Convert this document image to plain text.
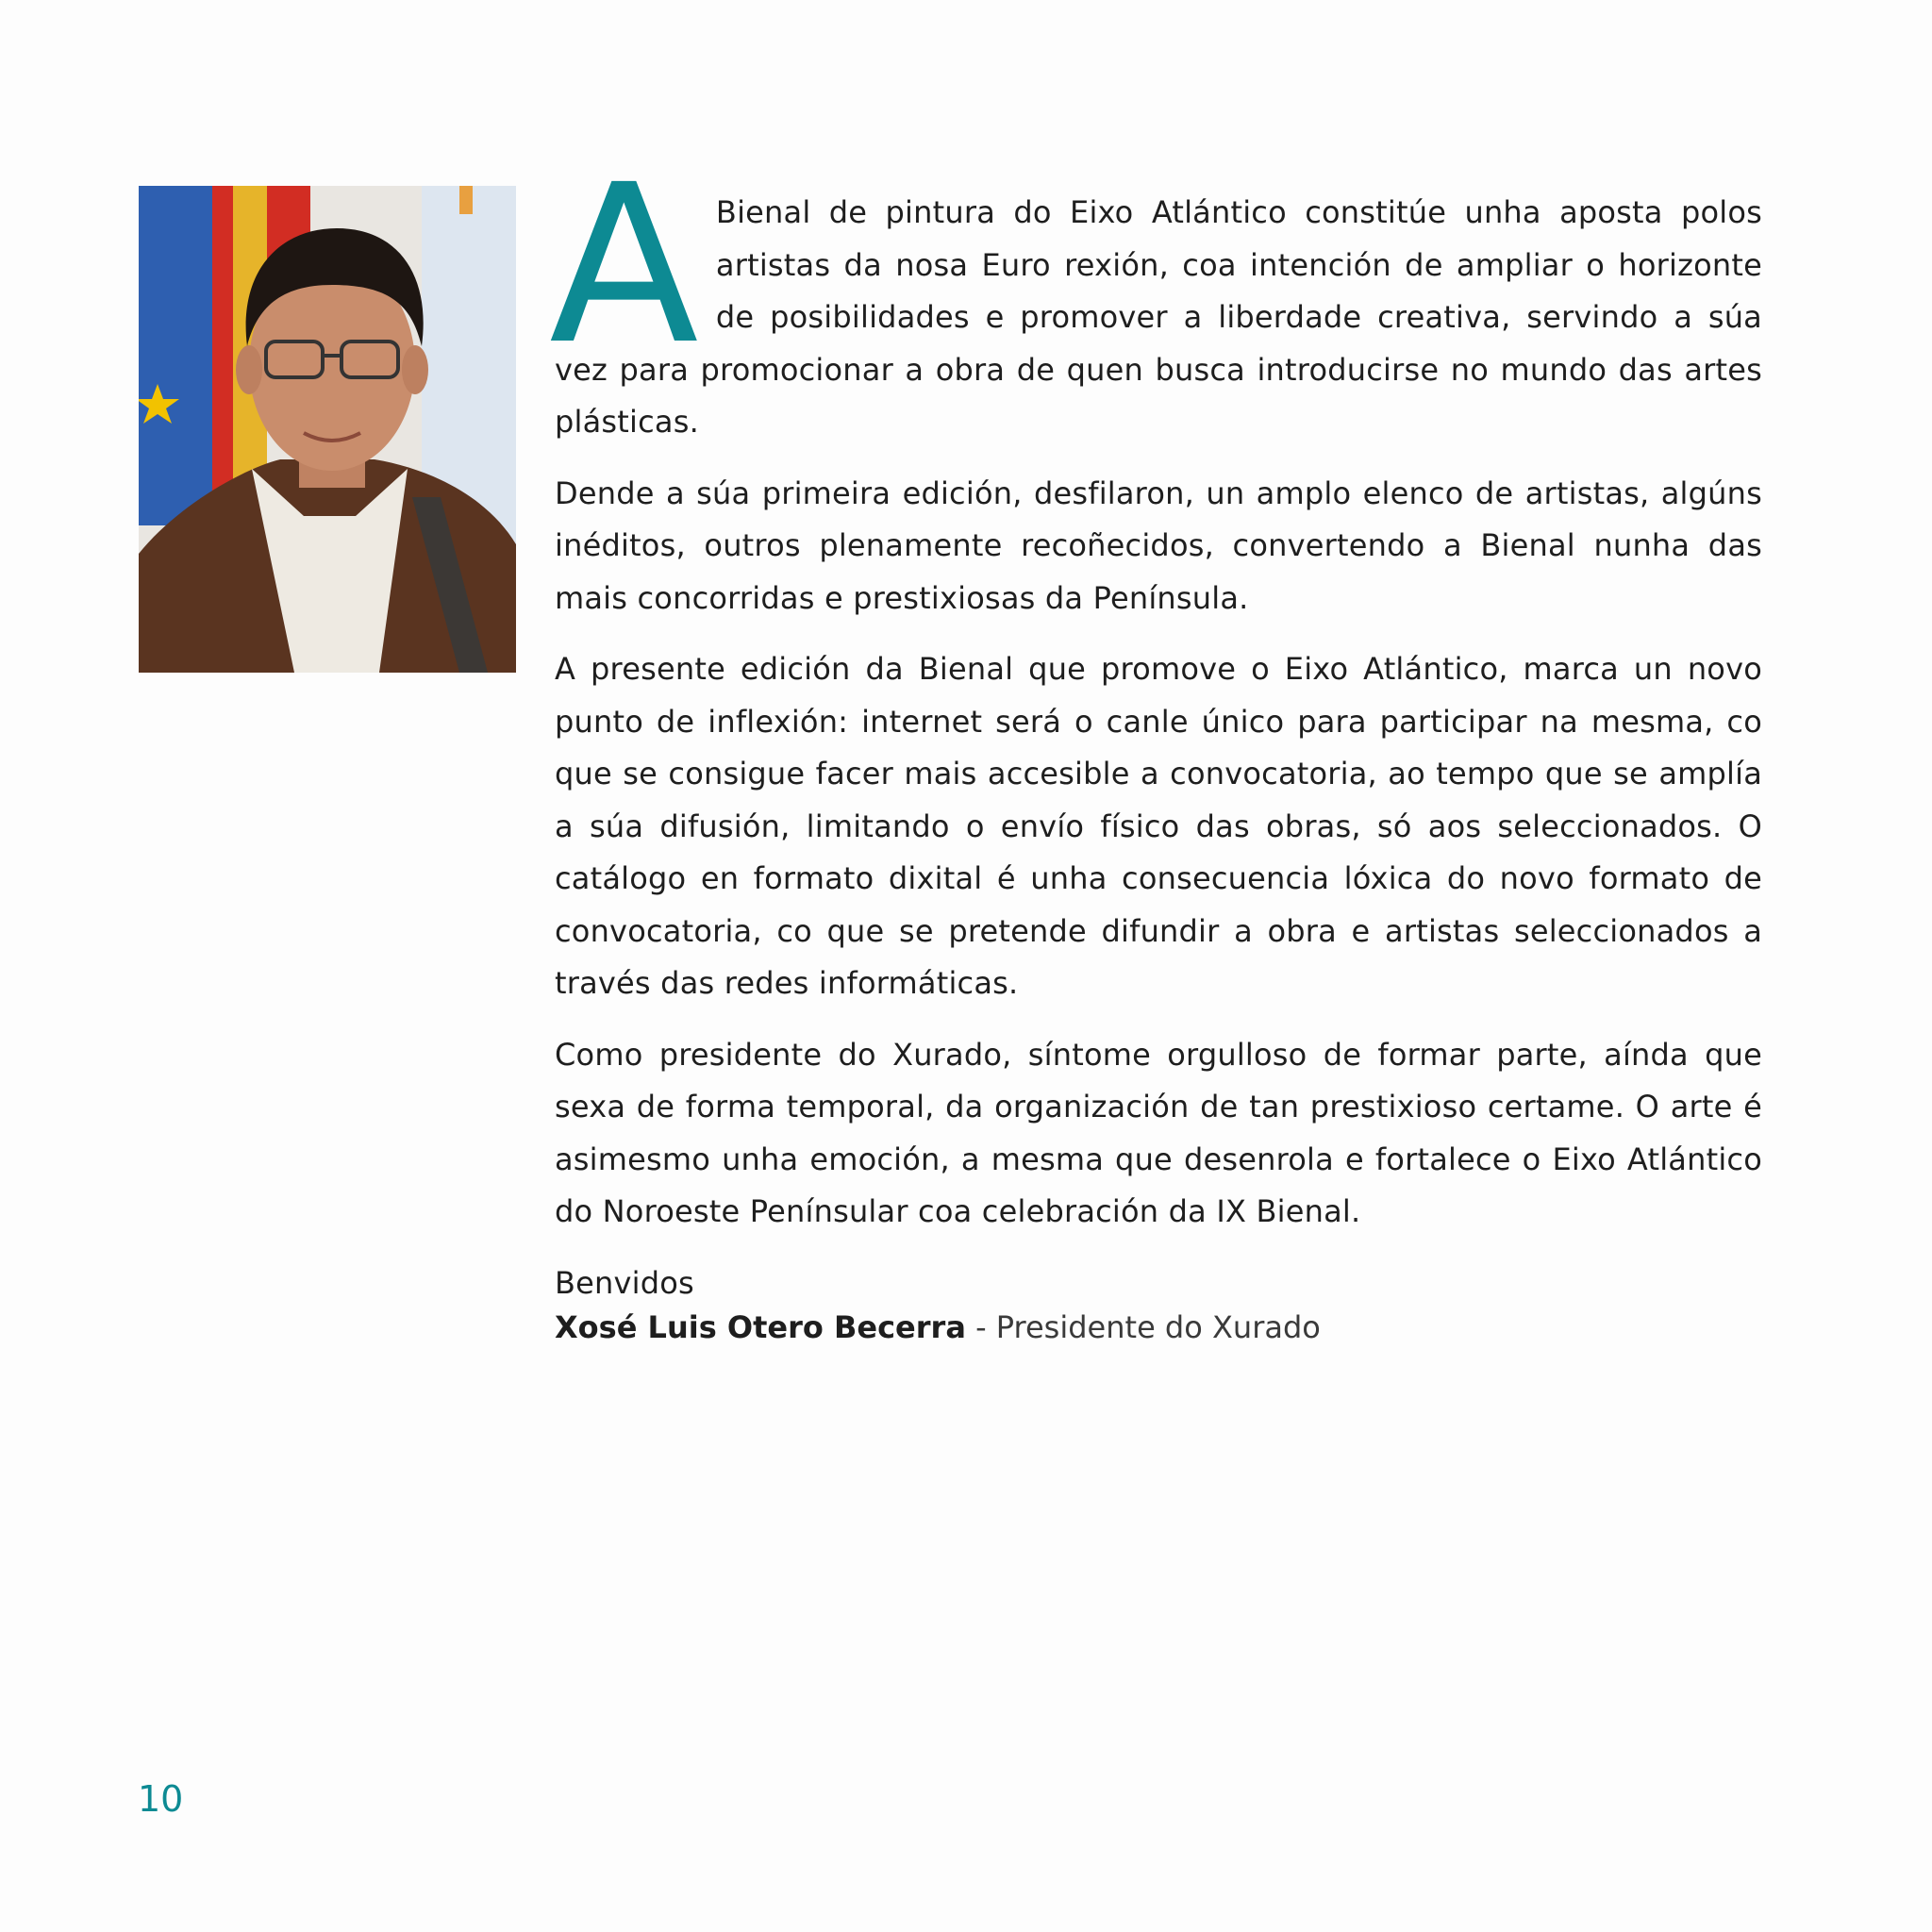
A Bienal de pintura do Eixo Atlántico constitúe unha aposta polos artistas da nosa Euro rexión, coa intención de ampliar o horizonte de posibilidades e promover a liberdade creativa, servindo a súa vez para promocionar a obra de quen busca introducirse no mundo das artes plásticas.

Dende a súa primeira edición, desfilaron, un amplo elenco de artistas, algúns inéditos, outros plenamente recoñecidos, convertendo a Bienal nunha das mais concorridas e prestixiosas da Península.

A presente edición da Bienal que promove o Eixo Atlántico, marca un novo punto de inflexión: internet será o canle único para participar na mesma, co que se consigue facer mais accesible a convocatoria, ao tempo que se amplía a súa difusión, limitando o envío físico das obras, só aos seleccionados. O catálogo en formato dixital é unha consecuencia lóxica do novo formato de convocatoria, co que se pretende difundir a obra e artistas seleccionados a través das redes informáticas.

Como presidente do Xurado, síntome orgulloso de formar parte, aínda que sexa de forma temporal, da organización de tan prestixioso certame. O arte é asimesmo unha emoción, a mesma que desenrola e fortalece o Eixo Atlántico do Noroeste Penínsular coa celebración da IX Bienal.

Benvidos

Xosé Luis Otero Becerra - Presidente do Xurado
10
